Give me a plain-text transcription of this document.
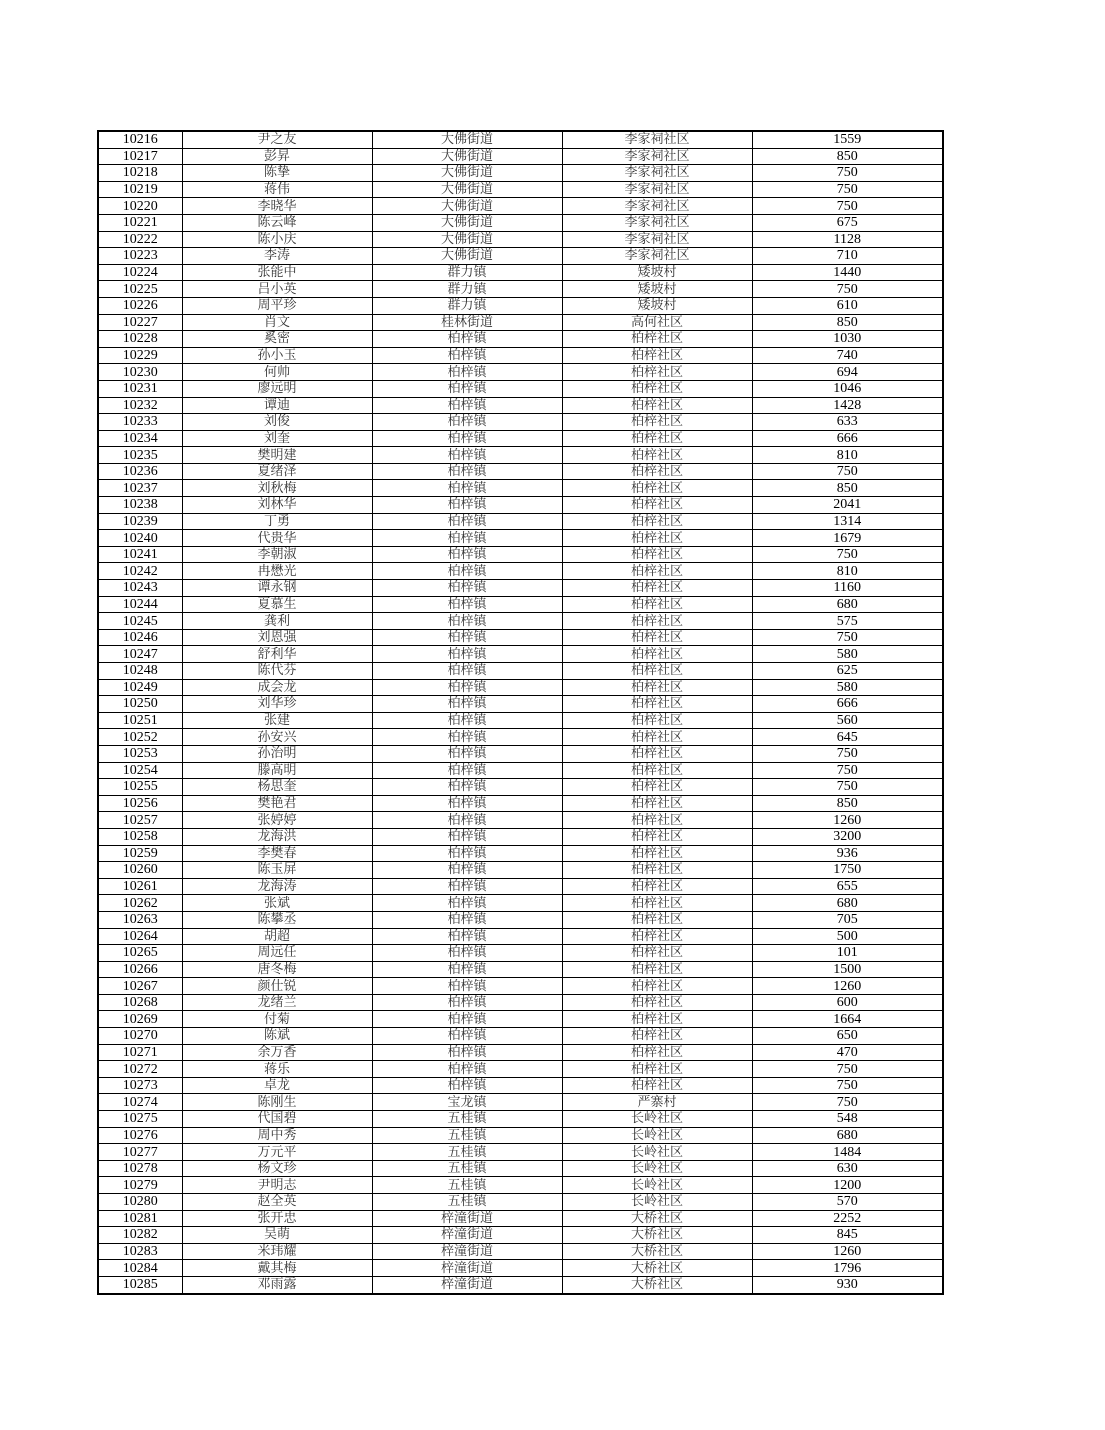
10216	尹之友	大佛街道	李家祠社区	1559
10217	彭昇	大佛街道	李家祠社区	850
10218	陈挚	大佛街道	李家祠社区	750
10219	蒋伟	大佛街道	李家祠社区	750
10220	李晓华	大佛街道	李家祠社区	750
10221	陈云峰	大佛街道	李家祠社区	675
10222	陈小庆	大佛街道	李家祠社区	1128
10223	李涛	大佛街道	李家祠社区	710
10224	张能中	群力镇	矮坡村	1440
10225	吕小英	群力镇	矮坡村	750
10226	周平珍	群力镇	矮坡村	610
10227	肖文	桂林街道	高何社区	850
10228	奚密	柏梓镇	柏梓社区	1030
10229	孙小玉	柏梓镇	柏梓社区	740
10230	何帅	柏梓镇	柏梓社区	694
10231	廖远明	柏梓镇	柏梓社区	1046
10232	谭迪	柏梓镇	柏梓社区	1428
10233	刘俊	柏梓镇	柏梓社区	633
10234	刘奎	柏梓镇	柏梓社区	666
10235	樊明建	柏梓镇	柏梓社区	810
10236	夏绪泽	柏梓镇	柏梓社区	750
10237	刘秋梅	柏梓镇	柏梓社区	850
10238	刘林华	柏梓镇	柏梓社区	2041
10239	丁勇	柏梓镇	柏梓社区	1314
10240	代贵华	柏梓镇	柏梓社区	1679
10241	李朝淑	柏梓镇	柏梓社区	750
10242	冉懋光	柏梓镇	柏梓社区	810
10243	谭永钢	柏梓镇	柏梓社区	1160
10244	夏慕生	柏梓镇	柏梓社区	680
10245	龚利	柏梓镇	柏梓社区	575
10246	刘恩强	柏梓镇	柏梓社区	750
10247	舒利华	柏梓镇	柏梓社区	580
10248	陈代芬	柏梓镇	柏梓社区	625
10249	成会龙	柏梓镇	柏梓社区	580
10250	刘华珍	柏梓镇	柏梓社区	666
10251	张建	柏梓镇	柏梓社区	560
10252	孙安兴	柏梓镇	柏梓社区	645
10253	孙治明	柏梓镇	柏梓社区	750
10254	滕高明	柏梓镇	柏梓社区	750
10255	杨思奎	柏梓镇	柏梓社区	750
10256	樊艳君	柏梓镇	柏梓社区	850
10257	张婷婷	柏梓镇	柏梓社区	1260
10258	龙海洪	柏梓镇	柏梓社区	3200
10259	李樊春	柏梓镇	柏梓社区	936
10260	陈玉屏	柏梓镇	柏梓社区	1750
10261	龙海涛	柏梓镇	柏梓社区	655
10262	张斌	柏梓镇	柏梓社区	680
10263	陈攀丞	柏梓镇	柏梓社区	705
10264	胡超	柏梓镇	柏梓社区	500
10265	周远任	柏梓镇	柏梓社区	101
10266	唐冬梅	柏梓镇	柏梓社区	1500
10267	颜仕锐	柏梓镇	柏梓社区	1260
10268	龙绪兰	柏梓镇	柏梓社区	600
10269	付菊	柏梓镇	柏梓社区	1664
10270	陈斌	柏梓镇	柏梓社区	650
10271	余万香	柏梓镇	柏梓社区	470
10272	蒋乐	柏梓镇	柏梓社区	750
10273	卓龙	柏梓镇	柏梓社区	750
10274	陈刚生	宝龙镇	严寨村	750
10275	代国碧	五桂镇	长岭社区	548
10276	周中秀	五桂镇	长岭社区	680
10277	万元平	五桂镇	长岭社区	1484
10278	杨文珍	五桂镇	长岭社区	630
10279	尹明志	五桂镇	长岭社区	1200
10280	赵全英	五桂镇	长岭社区	570
10281	张开忠	梓潼街道	大桥社区	2252
10282	吴萌	梓潼街道	大桥社区	845
10283	米玮耀	梓潼街道	大桥社区	1260
10284	戴其梅	梓潼街道	大桥社区	1796
10285	邓雨露	梓潼街道	大桥社区	930
